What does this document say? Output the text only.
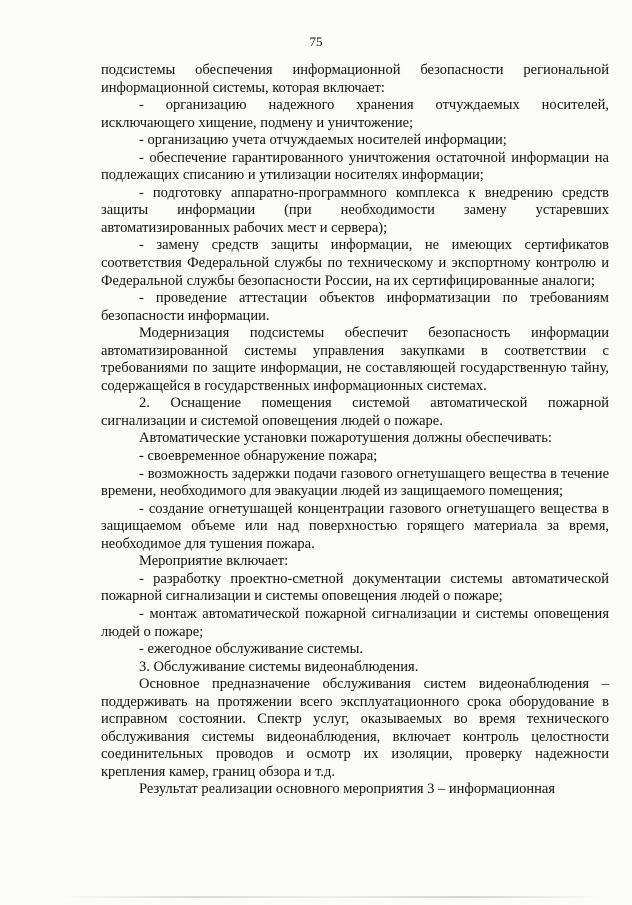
75

подсистемы обеспечения информационной безопасности региональной информационной системы, которая включает:

- организацию надежного хранения отчуждаемых носителей, исключающего хищение, подмену и уничтожение;

- организацию учета отчуждаемых носителей информации;

- обеспечение гарантированного уничтожения остаточной информации на подлежащих списанию и утилизации носителях информации;

- подготовку аппаратно-программного комплекса к внедрению средств защиты информации (при необходимости замену устаревших автоматизированных рабочих мест и сервера);

- замену средств защиты информации, не имеющих сертификатов соответствия Федеральной службы по техническому и экспортному контролю и Федеральной службы безопасности России, на их сертифицированные аналоги;

- проведение аттестации объектов информатизации по требованиям безопасности информации.

Модернизация подсистемы обеспечит безопасность информации автоматизированной системы управления закупками в соответствии с требованиями по защите информации, не составляющей государственную тайну, содержащейся в государственных информационных системах.

2. Оснащение помещения системой автоматической пожарной сигнализации и системой оповещения людей о пожаре.

Автоматические установки пожаротушения должны обеспечивать:

- своевременное обнаружение пожара;

- возможность задержки подачи газового огнетушащего вещества в течение времени, необходимого для эвакуации людей из защищаемого помещения;

- создание огнетушащей концентрации газового огнетушащего вещества в защищаемом объеме или над поверхностью горящего материала за время, необходимое для тушения пожара.

Мероприятие включает:

- разработку проектно-сметной документации системы автоматической пожарной сигнализации и системы оповещения людей о пожаре;

- монтаж автоматической пожарной сигнализации и системы оповещения людей о пожаре;

- ежегодное обслуживание системы.

3. Обслуживание системы видеонаблюдения.

Основное предназначение обслуживания систем видеонаблюдения – поддерживать на протяжении всего эксплуатационного срока оборудование в исправном состоянии. Спектр услуг, оказываемых во время технического обслуживания системы видеонаблюдения, включает контроль целостности соединительных проводов и осмотр их изоляции, проверку надежности крепления камер, границ обзора и т.д.

Результат реализации основного мероприятия 3 – информационная
